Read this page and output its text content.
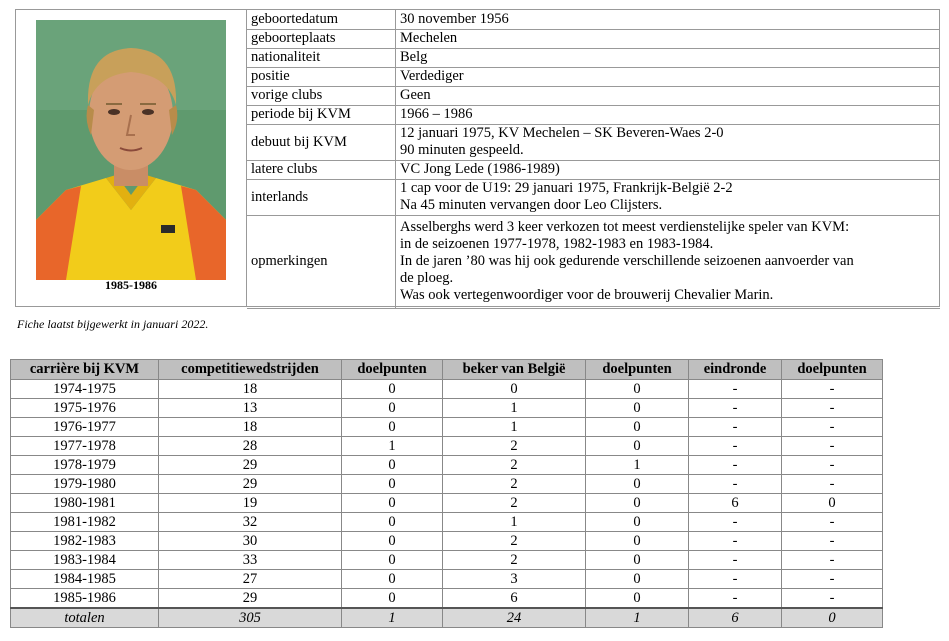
1985-1986
geboortedatum	30 november 1956

geboorteplaats	Mechelen

nationaliteit	Belg

positie	Verdediger

vorige clubs	Geen

periode bij KVM	1966 – 1986

debuut bij KVM	12 januari 1975, KV Mechelen – SK Beveren-Waes 2-0
90 minuten gespeeld.

latere clubs	VC Jong Lede (1986-1989)

interlands	1 cap voor de U19: 29 januari 1975, Frankrijk-België 2-2
Na 45 minuten vervangen door Leo Clijsters.

opmerkingen	Asselberghs werd 3 keer verkozen tot meest verdienstelijke speler van KVM:
in de seizoenen 1977-1978, 1982-1983 en 1983-1984.
In de jaren ’80 was hij ook gedurende verschillende seizoenen aanvoerder van
de ploeg.
Was ook vertegenwoordiger voor de brouwerij Chevalier Marin.
Fiche laatst bijgewerkt in januari 2022.
carrière bij KVM	competitiewedstrijden	doelpunten	beker van België	doelpunten	eindronde	doelpunten
1974-1975	18	0	0	0	-	-
1975-1976	13	0	1	0	-	-
1976-1977	18	0	1	0	-	-
1977-1978	28	1	2	0	-	-
1978-1979	29	0	2	1	-	-
1979-1980	29	0	2	0	-	-
1980-1981	19	0	2	0	6	0
1981-1982	32	0	1	0	-	-
1982-1983	30	0	2	0	-	-
1983-1984	33	0	2	0	-	-
1984-1985	27	0	3	0	-	-
1985-1986	29	0	6	0	-	-
totalen	305	1	24	1	6	0
